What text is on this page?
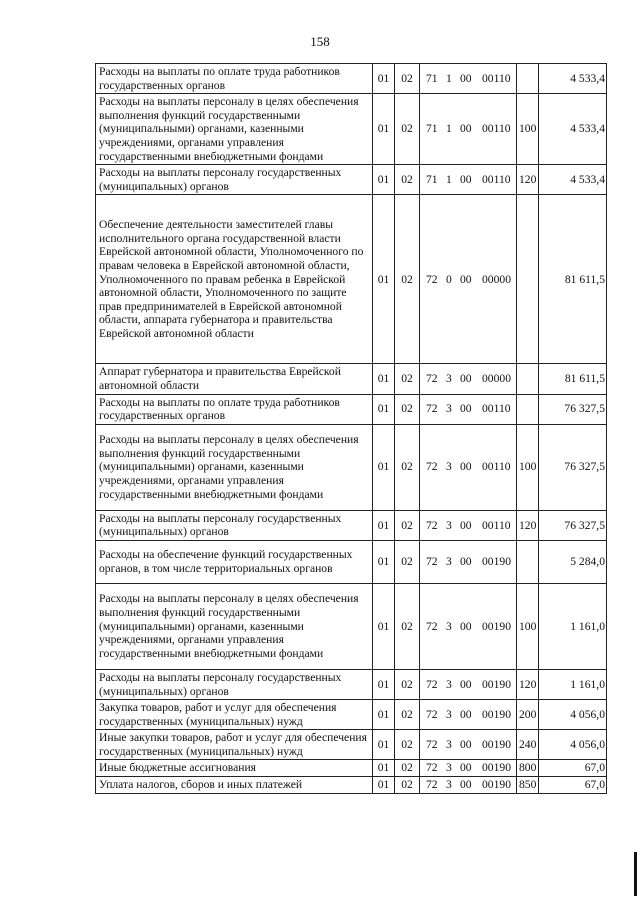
158
Расходы на выплаты по оплате труда работников государственных органов	01	02	71 1 00 00110		4 533,4
Расходы на выплаты персоналу в целях обеспечения выполнения функций государственными (муниципальными) органами, казенными учреждениями, органами управления государственными внебюджетными фондами	01	02	71 1 00 00110	100	4 533,4
Расходы на выплаты персоналу государственных (муниципальных) органов	01	02	71 1 00 00110	120	4 533,4
Обеспечение деятельности заместителей главы исполнительного органа государственной власти Еврейской автономной области, Уполномоченного по правам человека в Еврейской автономной области, Уполномоченного по правам ребенка в Еврейской автономной области, Уполномоченного по защите прав предпринимателей в Еврейской автономной области, аппарата губернатора и правительства Еврейской автономной области	01	02	72 0 00 00000		81 611,5
Аппарат губернатора и правительства Еврейской автономной области	01	02	72 3 00 00000		81 611,5
Расходы на выплаты по оплате труда работников государственных органов	01	02	72 3 00 00110		76 327,5
Расходы на выплаты персоналу в целях обеспечения выполнения функций государственными (муниципальными) органами, казенными учреждениями, органами управления государственными внебюджетными фондами	01	02	72 3 00 00110	100	76 327,5
Расходы на выплаты персоналу государственных (муниципальных) органов	01	02	72 3 00 00110	120	76 327,5
Расходы на обеспечение функций государственных органов, в том числе территориальных органов	01	02	72 3 00 00190		5 284,0
Расходы на выплаты персоналу в целях обеспечения выполнения функций государственными (муниципальными) органами, казенными учреждениями, органами управления государственными внебюджетными фондами	01	02	72 3 00 00190	100	1 161,0
Расходы на выплаты персоналу государственных (муниципальных) органов	01	02	72 3 00 00190	120	1 161,0
Закупка товаров, работ и услуг для обеспечения государственных (муниципальных) нужд	01	02	72 3 00 00190	200	4 056,0
Иные закупки товаров, работ и услуг для обеспечения государственных (муниципальных) нужд	01	02	72 3 00 00190	240	4 056,0
Иные бюджетные ассигнования	01	02	72 3 00 00190	800	67,0
Уплата налогов, сборов и иных платежей	01	02	72 3 00 00190	850	67,0
